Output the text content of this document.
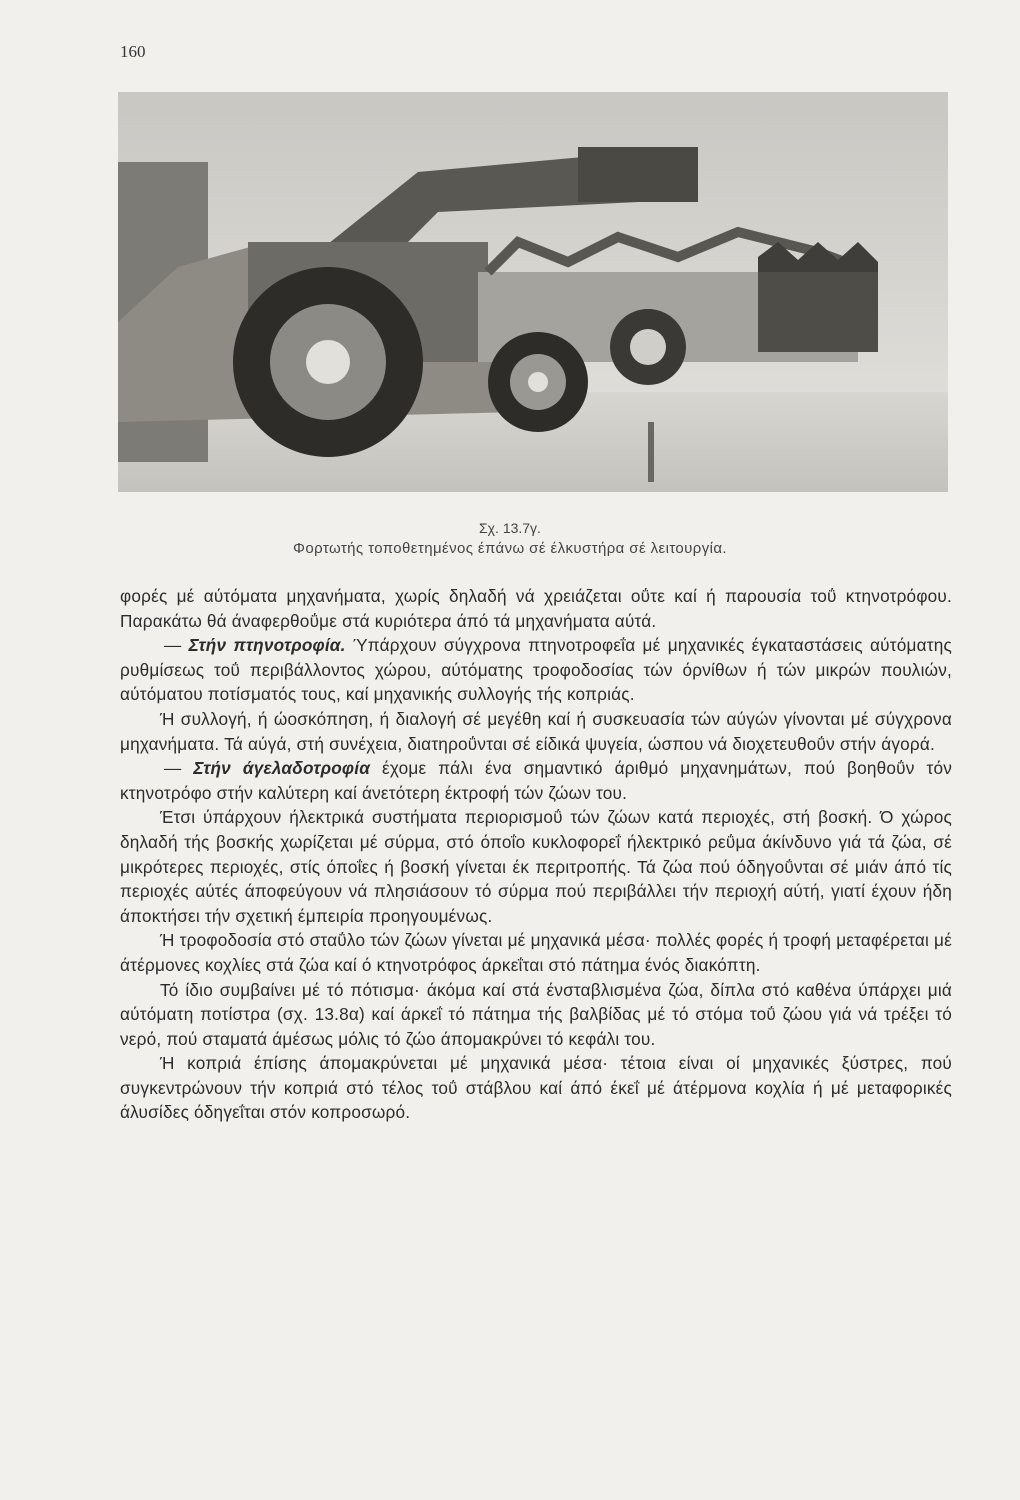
160
Σχ. 13.7γ.
Φορτωτής τοποθετημένος έπάνω σέ έλκυστήρα σέ λειτουργία.

φορές μέ αύτόματα μηχανήματα, χωρίς δηλαδή νά χρειάζεται οΰτε καί ή παρουσία τοΰ κτηνοτρόφου. Παρακάτω θά άναφερθοΰμε στά κυριότερα άπό τά μηχανήματα αύτά.

— Στήν πτηνοτροφία. Ύπάρχουν σύγχρονα πτηνοτροφεΐα μέ μηχανικές έγκαταστάσεις αύτόματης ρυθμίσεως τοΰ περιβάλλοντος χώρου, αύτόματης τροφοδοσίας τών όρνίθων ή τών μικρών πουλιών, αύτόματου ποτίσματός τους, καί μηχανικής συλλογής τής κοπριάς.

Ή συλλογή, ή ώοσκόπηση, ή διαλογή σέ μεγέθη καί ή συσκευασία τών αύγών γίνονται μέ σύγχρονα μηχανήματα. Τά αύγά, στή συνέχεια, διατηροΰνται σέ είδικά ψυγεία, ώσπου νά διοχετευθοΰν στήν άγορά.

— Στήν άγελαδοτροφία έχομε πάλι ένα σημαντικό άριθμό μηχανημάτων, πού βοηθοΰν τόν κτηνοτρόφο στήν καλύτερη καί άνετότερη έκτροφή τών ζώων του.

Έτσι ύπάρχουν ήλεκτρικά συστήματα περιορισμοΰ τών ζώων κατά περιοχές, στή βοσκή. Ό χώρος δηλαδή τής βοσκής χωρίζεται μέ σύρμα, στό όποΐο κυκλοφορεΐ ήλεκτρικό ρεΰμα άκίνδυνο γιά τά ζώα, σέ μικρότερες περιοχές, στίς όποΐες ή βοσκή γίνεται έκ περιτροπής. Τά ζώα πού όδηγοΰνται σέ μιάν άπό τίς περιοχές αύτές άποφεύγουν νά πλησιάσουν τό σύρμα πού περιβάλλει τήν περιοχή αύτή, γιατί έχουν ήδη άποκτήσει τήν σχετική έμπειρία προηγουμένως.

Ή τροφοδοσία στό σταΰλο τών ζώων γίνεται μέ μηχανικά μέσα· πολλές φορές ή τροφή μεταφέρεται μέ άτέρμονες κοχλίες στά ζώα καί ό κτηνοτρόφος άρκεΐται στό πάτημα ένός διακόπτη.

Τό ίδιο συμβαίνει μέ τό πότισμα· άκόμα καί στά ένσταβλισμένα ζώα, δίπλα στό καθένα ύπάρχει μιά αύτόματη ποτίστρα (σχ. 13.8α) καί άρκεΐ τό πάτημα τής βαλβίδας μέ τό στόμα τοΰ ζώου γιά νά τρέξει τό νερό, πού σταματά άμέσως μόλις τό ζώο άπομακρύνει τό κεφάλι του.

Ή κοπριά έπίσης άπομακρύνεται μέ μηχανικά μέσα· τέτοια είναι οί μηχανικές ξύστρες, πού συγκεντρώνουν τήν κοπριά στό τέλος τοΰ στάβλου καί άπό έκεΐ μέ άτέρμονα κοχλία ή μέ μεταφορικές άλυσίδες όδηγεΐται στόν κοπροσωρό.
